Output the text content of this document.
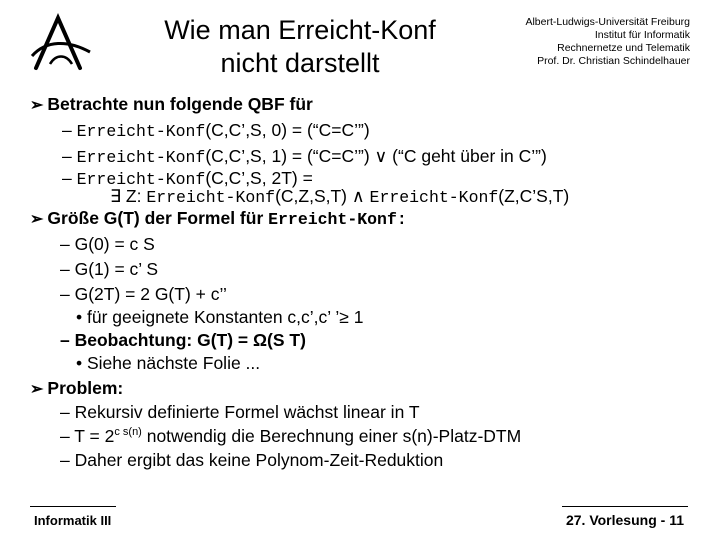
Wie man Erreicht-Konf
nicht darstellt
Albert-Ludwigs-Universität Freiburg
Institut für Informatik
Rechnernetze und Telematik
Prof. Dr. Christian Schindelhauer
➢ Betrachte nun folgende QBF für
– Erreicht-Konf(C,C’,S, 0) = (“C=C’”)
– Erreicht-Konf(C,C’,S, 1) = (“C=C’”) ∨ (“C geht über in C’”)
– Erreicht-Konf(C,C’,S, 2T) =
∃ Z: Erreicht-Konf(C,Z,S,T) ∧ Erreicht-Konf(Z,C’S,T)
➢ Größe G(T) der Formel für Erreicht-Konf:
– G(0) = c S
– G(1) = c’ S
– G(2T) = 2 G(T) + c’’
• für geeignete Konstanten c,c’,c’ ’≥ 1
– Beobachtung: G(T) = Ω(S T)
• Siehe nächste Folie ...
➢ Problem:
– Rekursiv definierte Formel wächst linear in T
– $T = 2^{c s(n)}$ notwendig die Berechnung einer s(n)-Platz-DTM
– Daher ergibt das keine Polynom-Zeit-Reduktion
Informatik III	27. Vorlesung - 11
